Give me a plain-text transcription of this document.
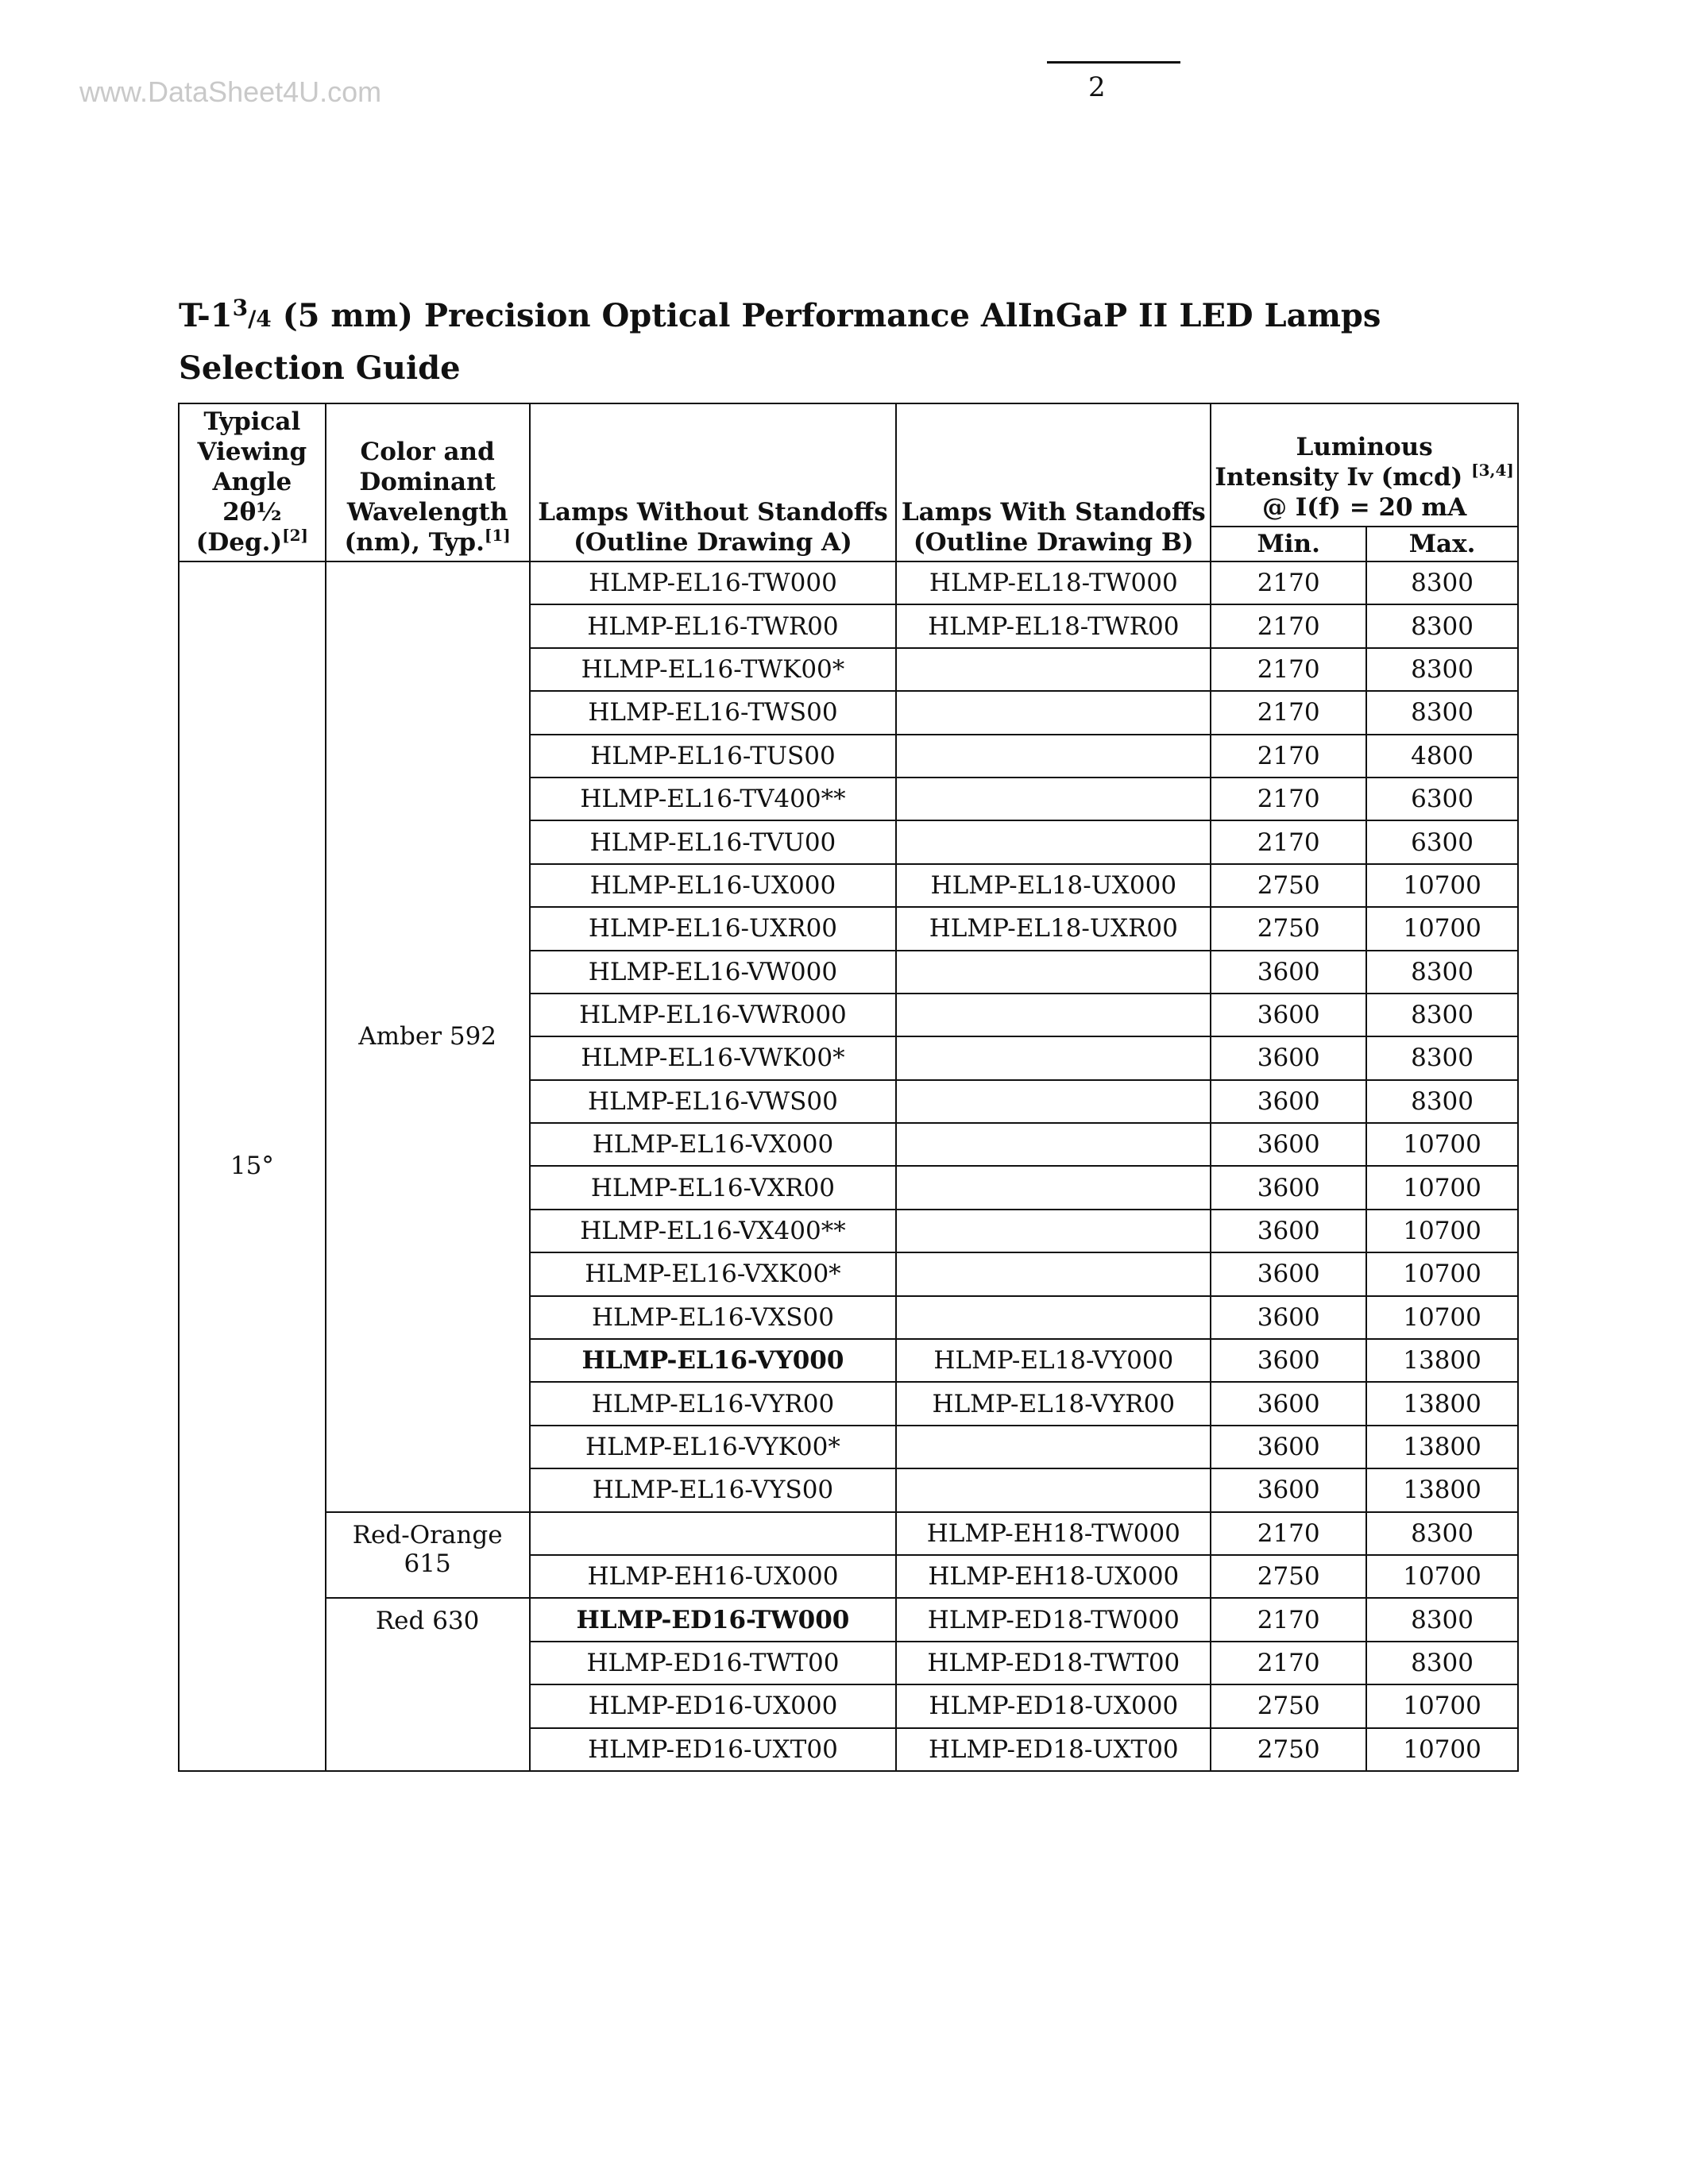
www.DataSheet4U.com	2
$T-1^3/4$ (5 mm) Precision Optical Performance AlInGaP II LED Lamps
Selection Guide
Typical
Viewing
Angle
2θ½
(Deg.)[2]	Color and
Dominant
Wavelength
(nm), Typ.[1]	Lamps Without Standoffs
(Outline Drawing A)	Lamps With Standoffs
(Outline Drawing B)	Luminous
Intensity Iv (mcd) [3,4]
@ I(f) = 20 mA	
				Min.	Max.
15°	Amber 592	HLMP-EL16-TW000	HLMP-EL18-TW000	2170	8300
		HLMP-EL16-TWR00	HLMP-EL18-TWR00	2170	8300
		HLMP-EL16-TWK00*		2170	8300
		HLMP-EL16-TWS00		2170	8300
		HLMP-EL16-TUS00		2170	4800
		HLMP-EL16-TV400**		2170	6300
		HLMP-EL16-TVU00		2170	6300
		HLMP-EL16-UX000	HLMP-EL18-UX000	2750	10700
		HLMP-EL16-UXR00	HLMP-EL18-UXR00	2750	10700
		HLMP-EL16-VW000		3600	8300
		HLMP-EL16-VWR000		3600	8300
		HLMP-EL16-VWK00*		3600	8300
		HLMP-EL16-VWS00		3600	8300
		HLMP-EL16-VX000		3600	10700
		HLMP-EL16-VXR00		3600	10700
		HLMP-EL16-VX400**		3600	10700
		HLMP-EL16-VXK00*		3600	10700
		HLMP-EL16-VXS00		3600	10700
		HLMP-EL16-VY000	HLMP-EL18-VY000	3600	13800
		HLMP-EL16-VYR00	HLMP-EL18-VYR00	3600	13800
		HLMP-EL16-VYK00*		3600	13800
		HLMP-EL16-VYS00		3600	13800
	Red-Orange 615		HLMP-EH18-TW000	2170	8300
		HLMP-EH16-UX000	HLMP-EH18-UX000	2750	10700
	Red 630	HLMP-ED16-TW000	HLMP-ED18-TW000	2170	8300
		HLMP-ED16-TWT00	HLMP-ED18-TWT00	2170	8300
		HLMP-ED16-UX000	HLMP-ED18-UX000	2750	10700
		HLMP-ED16-UXT00	HLMP-ED18-UXT00	2750	10700
